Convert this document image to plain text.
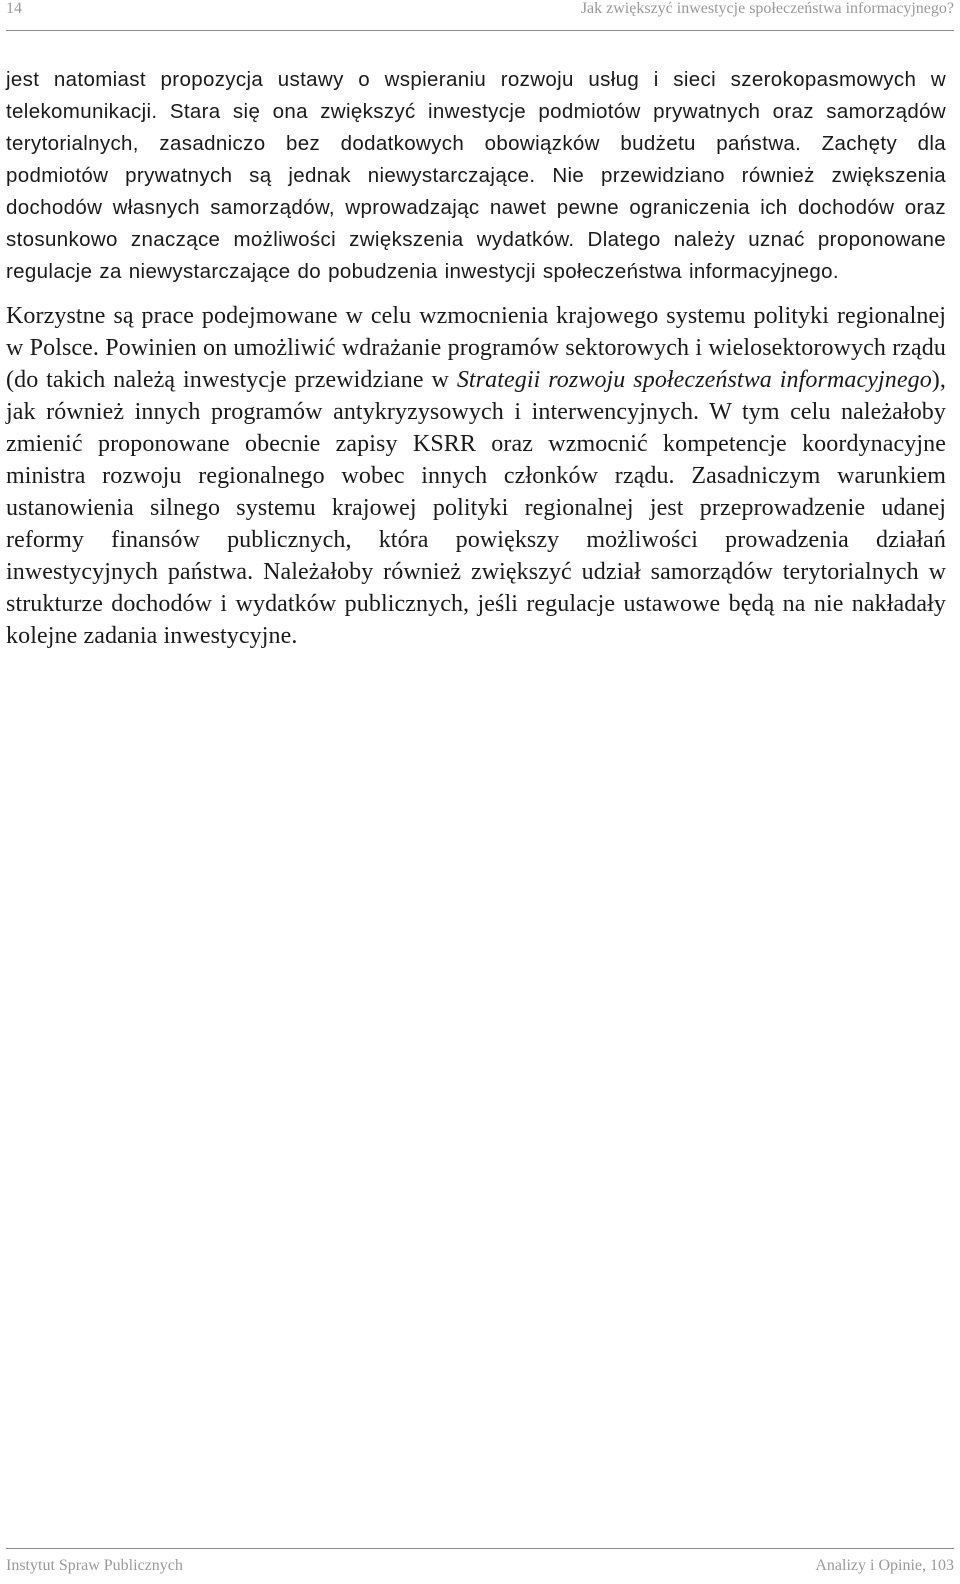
14	Jak zwiększyć inwestycje społeczeństwa informacyjnego?

jest natomiast propozycja ustawy o wspieraniu rozwoju usług i sieci szerokopasmowych w telekomunikacji. Stara się ona zwiększyć inwestycje podmiotów prywatnych oraz samorządów terytorialnych, zasadniczo bez dodatkowych obowiązków budżetu państwa. Zachęty dla podmiotów prywatnych są jednak niewystarczające. Nie przewidziano również zwiększenia dochodów własnych samorządów, wprowadzając nawet pewne ograniczenia ich dochodów oraz stosunkowo znaczące możliwości zwiększenia wydatków. Dlatego należy uznać proponowane regulacje za niewystarczające do pobudzenia inwestycji społeczeństwa informacyjnego.

Korzystne są prace podejmowane w celu wzmocnienia krajowego systemu polityki regionalnej w Polsce. Powinien on umożliwić wdrażanie programów sektorowych i wielosektorowych rządu (do takich należą inwestycje przewidziane w Strategii rozwoju społeczeństwa informacyjnego), jak również innych programów antykryzysowych i interwencyjnych. W tym celu należałoby zmienić proponowane obecnie zapisy KSRR oraz wzmocnić kompetencje koordynacyjne ministra rozwoju regionalnego wobec innych członków rządu. Zasadniczym warunkiem ustanowienia silnego systemu krajowej polityki regionalnej jest przeprowadzenie udanej reformy finansów publicznych, która powiększy możliwości prowadzenia działań inwestycyjnych państwa. Należałoby również zwiększyć udział samorządów terytorialnych w strukturze dochodów i wydatków publicznych, jeśli regulacje ustawowe będą na nie nakładały kolejne zadania inwestycyjne.

Instytut Spraw Publicznych	Analizy i Opinie, 103
